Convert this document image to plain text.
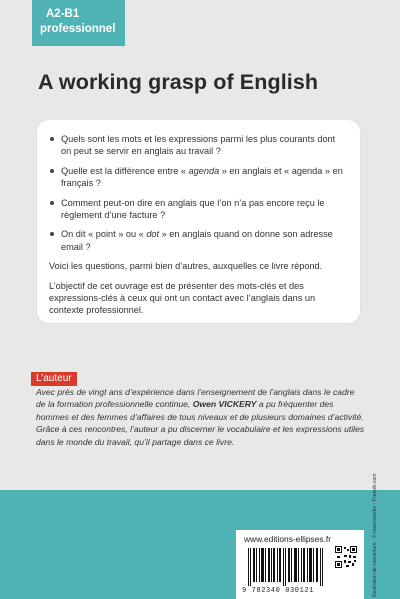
A2-B1
professionnel
A working grasp of English
Quels sont les mots et les expressions parmi les plus courants dont on peut se servir en anglais au travail ?
Quelle est la différence entre « agenda » en anglais et « agenda » en français ?
Comment peut-on dire en anglais que l’on n’a pas encore reçu le règlement d’une facture ?
On dit « point » ou « dot » en anglais quand on donne son adresse email ?

Voici les questions, parmi bien d’autres, auxquelles ce livre répond.

L’objectif de cet ouvrage est de présenter des mots-clés et des expressions-clés à ceux qui ont un contact avec l’anglais dans un contexte professionnel.

L’auteur
Avec près de vingt ans d’expérience dans l’enseignement de l’anglais dans le cadre de la formation professionnelle continue, Owen VICKERY a pu fréquenter des hommes et des femmes d’affaires de tous niveaux et de plusieurs domaines d’activité. Grâce à ces rencontres, l’auteur a pu discerner le vocabulaire et les expressions utiles dans le monde du travail, qu’il partage dans ce livre.
www.editions-ellipses.fr
9 782340 030121	Illustration de couverture : © macrovector - Freepik.com
